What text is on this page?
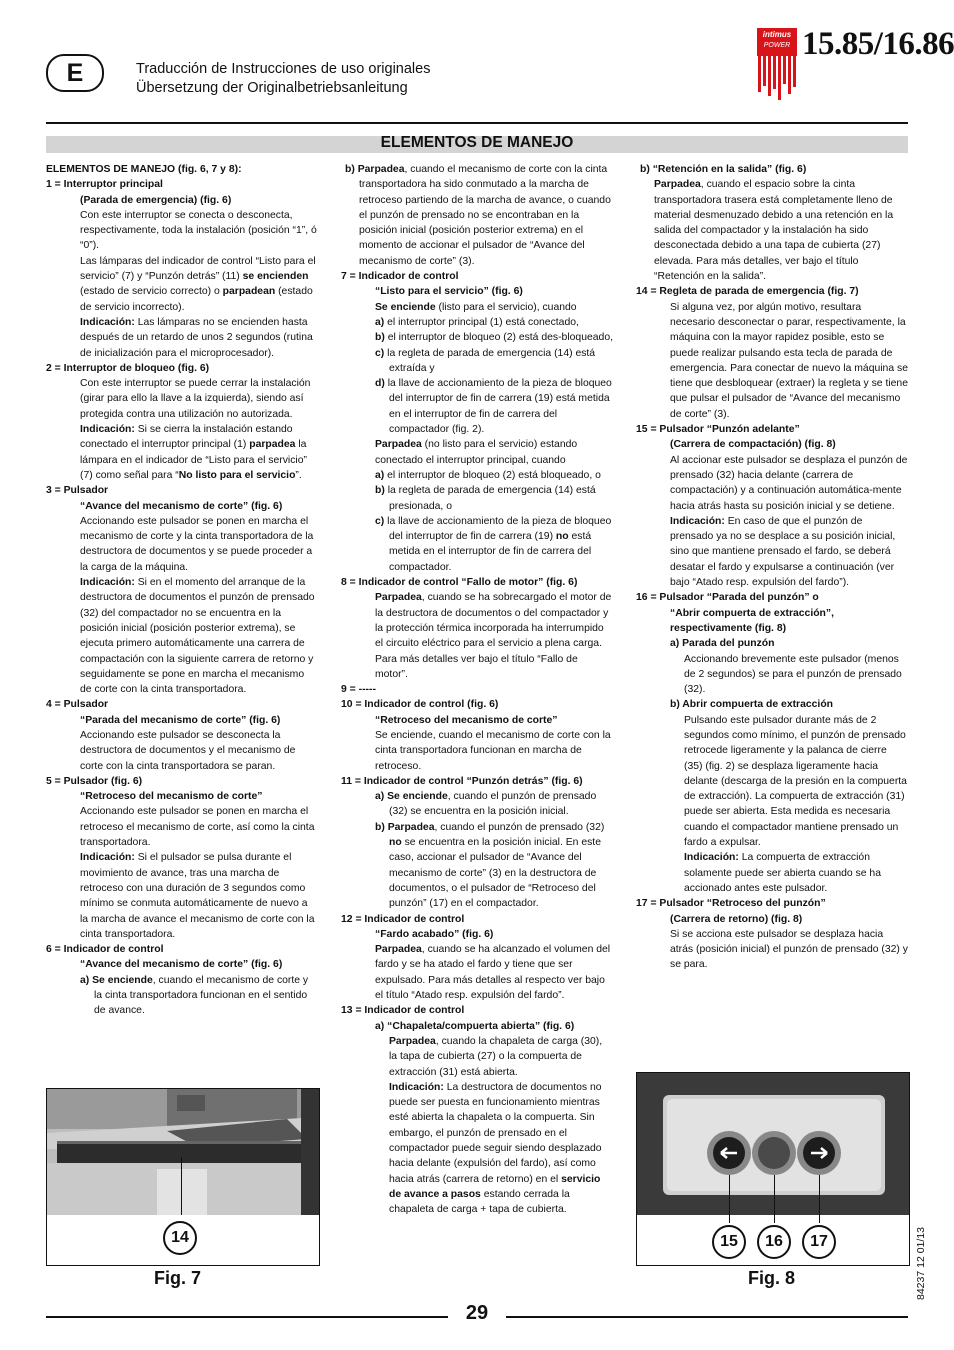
E	Traducción de Instrucciones de uso originales
Übersetzung der Originalbetriebsanleitung
intimus
POWER 15.85/16.86
ELEMENTOS DE MANEJO

ELEMENTOS DE MANEJO (fig. 6, 7 y 8):

1 = Interruptor principal

(Parada de emergencia) (fig. 6)
Con este interruptor se conecta o desconecta, respectivamente, toda la instalación (posición “1”, ó “0”).
Las lámparas del indicador de control “Listo para el servicio” (7) y “Punzón detrás” (11) se encienden (estado de servicio correcto) o parpadean (estado de servicio incorrecto).
Indicación: Las lámparas no se encienden hasta después de un retardo de unos 2 segundos (rutina de inicialización para el microprocesador).

2 = Interruptor de bloqueo (fig. 6)

Con este interruptor se puede cerrar la instalación (girar para ello la llave a la izquierda), siendo así protegida contra una utilización no autorizada.
Indicación: Si se cierra la instalación estando conectado el interruptor principal (1) parpadea la lámpara en el indicador de “Listo para el servicio” (7) como señal para “No listo para el servicio”.

3 = Pulsador

“Avance del mecanismo de corte” (fig. 6)
Accionando este pulsador se ponen en marcha el mecanismo de corte y la cinta transportadora de la destructora de documentos y se puede proceder a la carga de la máquina.
Indicación: Si en el momento del arranque de la destructora de documentos el punzón de prensado (32) del compactador no se encuentra en la posición inicial (posición posterior extrema), se ejecuta primero automáticamente una carrera de compactación con la siguiente carrera de retorno y seguidamente se pone en marcha el mecanismo de corte con la cinta transportadora.

4 = Pulsador

“Parada del mecanismo de corte” (fig. 6)
Accionando este pulsador se desconecta la destructora de documentos y el mecanismo de corte con la cinta transportadora se paran.

5 = Pulsador (fig. 6)

“Retroceso del mecanismo de corte”
Accionando este pulsador se ponen en marcha el retroceso el mecanismo de corte, así como la cinta transportadora.
Indicación: Si el pulsador se pulsa durante el movimiento de avance, tras una marcha de retroceso con una duración de 3 segundos como mínimo se conmuta automáticamente de nuevo a la marcha de avance el mecanismo de corte con la cinta transportadora.

6 = Indicador de control

“Avance del mecanismo de corte” (fig. 6)

a) Se enciende, cuando el mecanismo de corte y la cinta transportadora funcionan en el sentido de avance.

b) Parpadea, cuando el mecanismo de corte con la cinta transportadora ha sido conmutado a la marcha de retroceso partiendo de la marcha de avance, o cuando el punzón de prensado no se encontraban en la posición inicial (posición posterior extrema) en el momento de accionar el pulsador de “Avance del mecanismo de corte” (3).

7 = Indicador de control

“Listo para el servicio” (fig. 6)
Se enciende (listo para el servicio), cuando

a) el interruptor principal (1) está conectado,

b) el interruptor de bloqueo (2) está des-bloqueado,

c) la regleta de parada de emergencia (14) está extraída y

d) la llave de accionamiento de la pieza de bloqueo del interruptor de fin de carrera (19) está metida en el interruptor de fin de carrera del compactador (fig. 2).

Parpadea (no listo para el servicio) estando conectado el interruptor principal, cuando

a) el interruptor de bloqueo (2) está bloqueado, o

b) la regleta de parada de emergencia (14) está presionada, o

c) la llave de accionamiento de la pieza de bloqueo del interruptor de fin de carrera (19) no está metida en el interruptor de fin de carrera del compactador.

8 = Indicador de control “Fallo de motor” (fig. 6)

Parpadea, cuando se ha sobrecargado el motor de la destructora de documentos o del compactador y la protección térmica incorporada ha interrumpido el circuito eléctrico para el servicio a plena carga. Para más detalles ver bajo el título “Fallo de motor”.

9 = -----

10 = Indicador de control (fig. 6)

“Retroceso del mecanismo de corte”
Se enciende, cuando el mecanismo de corte con la cinta transportadora funcionan en marcha de retroceso.

11 = Indicador de control “Punzón detrás” (fig. 6)

a) Se enciende, cuando el punzón de prensado (32) se encuentra en la posición inicial.

b) Parpadea, cuando el punzón de prensado (32) no se encuentra en la posición inicial. En este caso, accionar el pulsador de “Avance del mecanismo de corte” (3) en la destructora de documentos, o el pulsador de “Retroceso del punzón” (17) en el compactador.

12 = Indicador de control

“Fardo acabado” (fig. 6)
Parpadea, cuando se ha alcanzado el volumen del fardo y se ha atado el fardo y tiene que ser expulsado. Para más detalles al respecto ver bajo el título “Atado resp. expulsión del fardo”.

13 = Indicador de control

a) “Chapaleta/compuerta abierta” (fig. 6)

Parpadea, cuando la chapaleta de carga (30), la tapa de cubierta (27) o la compuerta de extracción (31) está abierta.
Indicación: La destructora de documentos no puede ser puesta en funcionamiento mientras esté abierta la chapaleta o la compuerta. Sin embargo, el punzón de prensado en el compactador puede seguir siendo desplazado hacia delante (expulsión del fardo), así como hacia atrás (carrera de retorno) en el servicio de avance a pasos estando cerrada la chapaleta de carga + tapa de cubierta.

b) “Retención en la salida” (fig. 6)

Parpadea, cuando el espacio sobre la cinta transportadora trasera está completamente lleno de material desmenuzado debido a una retención en la salida del compactador y la instalación ha sido desconectada debido a una tapa de cubierta (27) elevada. Para más detalles, ver bajo el título “Retención en la salida”.

14 = Regleta de parada de emergencia (fig. 7)

Si alguna vez, por algún motivo, resultara necesario desconectar o parar, respectivamente, la máquina con la mayor rapidez posible, esto se puede realizar pulsando esta tecla de parada de emergencia. Para conectar de nuevo la máquina se tiene que desbloquear (extraer) la regleta y se tiene que pulsar el pulsador de “Avance del mecanismo de corte” (3).

15 = Pulsador “Punzón adelante”

(Carrera de compactación) (fig. 8)
Al accionar este pulsador se desplaza el punzón de prensado (32) hacia delante (carrera de compactación) y a continuación automática-mente hacia atrás hasta su posición inicial y se detiene.
Indicación: En caso de que el punzón de prensado ya no se desplace a su posición inicial, sino que mantiene prensado el fardo, se deberá desatar el fardo y expulsarse a continuación (ver bajo “Atado resp. expulsión del fardo”).

16 = Pulsador “Parada del punzón” o

“Abrir compuerta de extracción”, respectivamente (fig. 8)

a) Parada del punzón

Accionando brevemente este pulsador (menos de 2 segundos) se para el punzón de prensado (32).

b) Abrir compuerta de extracción

Pulsando este pulsador durante más de 2 segundos como mínimo, el punzón de prensado retrocede ligeramente y la palanca de cierre (35) (fig. 2) se desplaza ligeramente hacia delante (descarga de la presión en la compuerta de extracción). La compuerta de extracción (31) puede ser abierta. Esta medida es necesaria cuando el compactador mantiene prensado un fardo a expulsar.
Indicación: La compuerta de extracción solamente puede ser abierta cuando se ha accionado antes este pulsador.

17 = Pulsador “Retroceso del punzón”

(Carrera de retorno) (fig. 8)
Si se acciona este pulsador se desplaza hacia atrás (posición inicial) el punzón de prensado (32) y se para.

14
Fig. 7
15	16	17
Fig. 8
29
84237 12 01/13
